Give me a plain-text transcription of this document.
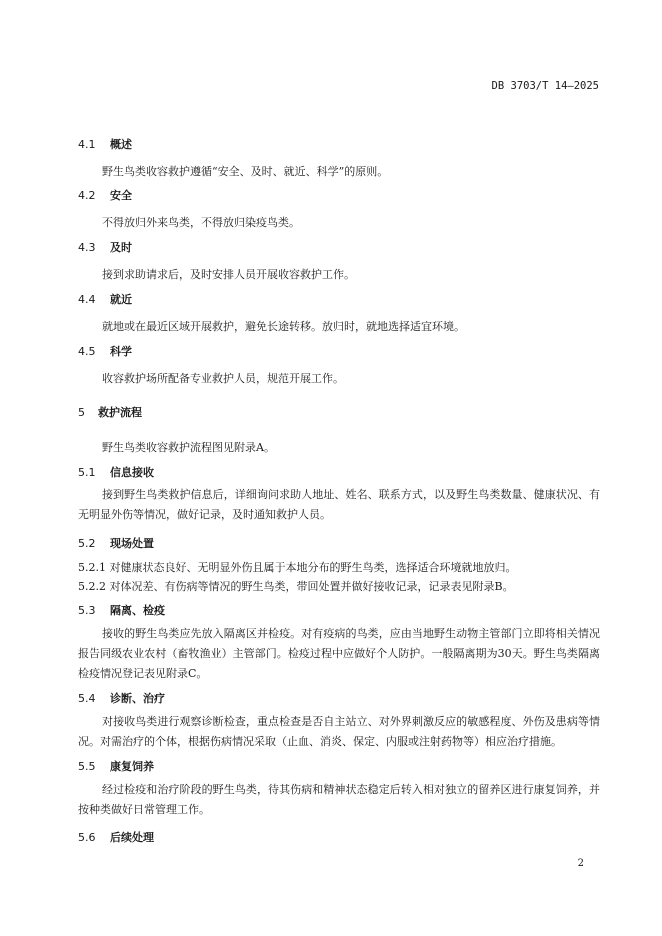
DB 3703/T 14—2025
4.1 概述
野生鸟类收容救护遵循“安全、及时、就近、科学”的原则。
4.2 安全
不得放归外来鸟类，不得放归染疫鸟类。
4.3 及时
接到求助请求后，及时安排人员开展收容救护工作。
4.4 就近
就地或在最近区域开展救护，避免长途转移。放归时，就地选择适宜环境。
4.5 科学
收容救护场所配备专业救护人员，规范开展工作。
5 救护流程
野生鸟类收容救护流程图见附录A。
5.1 信息接收
接到野生鸟类救护信息后，详细询问求助人地址、姓名、联系方式，以及野生鸟类数量、健康状况、有无明显外伤等情况，做好记录，及时通知救护人员。
5.2 现场处置
5.2.1 对健康状态良好、无明显外伤且属于本地分布的野生鸟类，选择适合环境就地放归。
5.2.2 对体况差、有伤病等情况的野生鸟类，带回处置并做好接收记录，记录表见附录B。
5.3 隔离、检疫
接收的野生鸟类应先放入隔离区并检疫。对有疫病的鸟类，应由当地野生动物主管部门立即将相关情况报告同级农业农村（畜牧渔业）主管部门。检疫过程中应做好个人防护。一般隔离期为30天。野生鸟类隔离检疫情况登记表见附录C。
5.4 诊断、治疗
对接收鸟类进行观察诊断检查，重点检查是否自主站立、对外界刺激反应的敏感程度、外伤及患病等情况。对需治疗的个体，根据伤病情况采取（止血、消炎、保定、内服或注射药物等）相应治疗措施。
5.5 康复饲养
经过检疫和治疗阶段的野生鸟类，待其伤病和精神状态稳定后转入相对独立的留养区进行康复饲养，并按种类做好日常管理工作。
5.6 后续处理
2
